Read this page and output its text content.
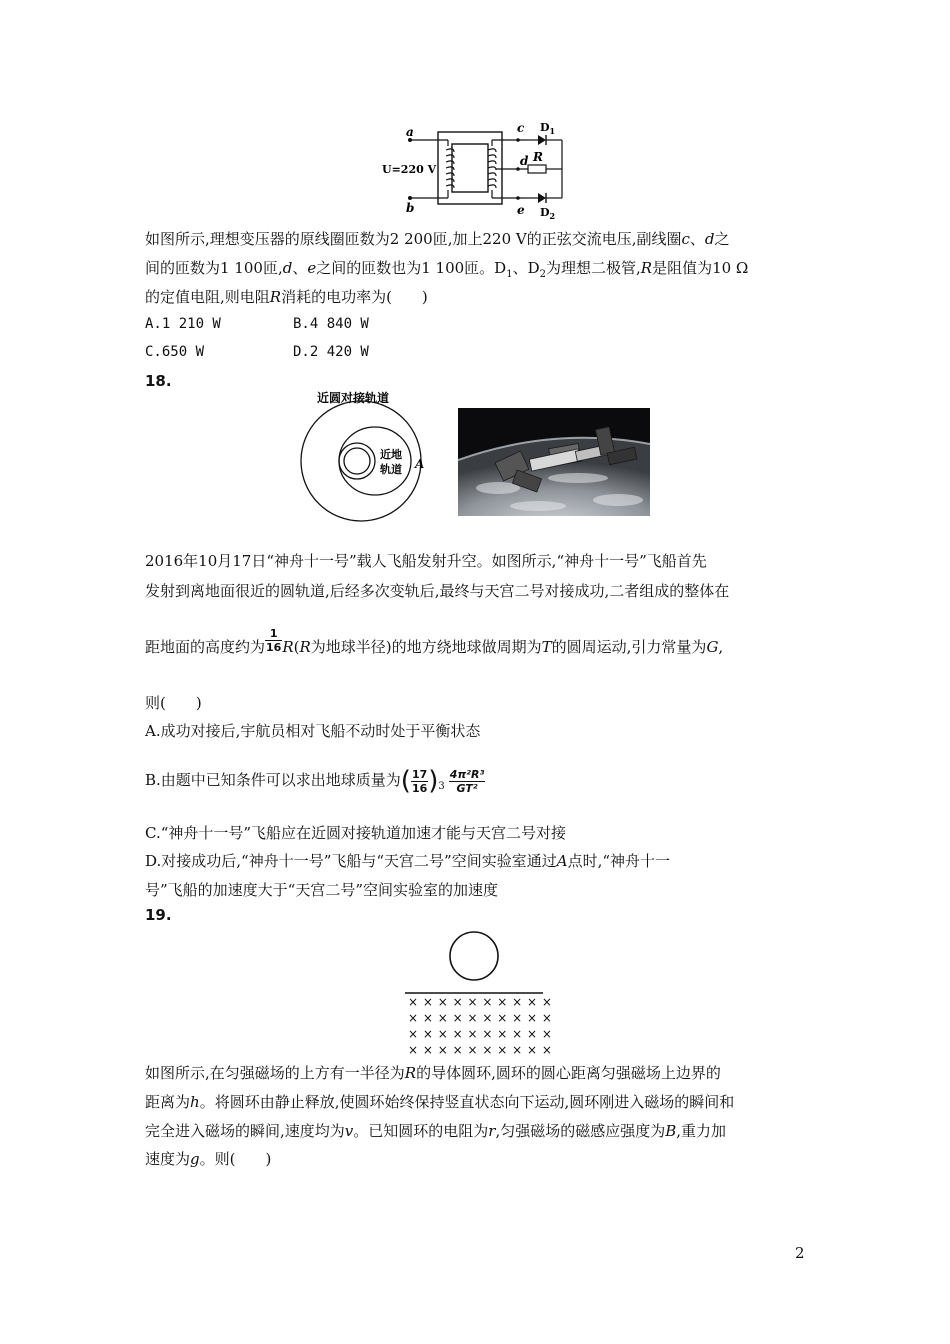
a
b
U=220 V
c
d
e
R
$D_1$
$D_2$
如图所示,理想变压器的原线圈匝数为2 200匝,加上220 V的正弦交流电压,副线圈c、d之
间的匝数为1 100匝,d、e之间的匝数也为1 100匝。$D_1$、$D_2$为理想二极管,R是阻值为10 Ω
的定值电阻,则电阻R消耗的电功率为(　　)
A.1 210 W	B.4 840 W
C.650 W	D.2 420 W
18.
近圆对接轨道
近地
轨道 A
2016年10月17日“神舟十一号”载人飞船发射升空。如图所示,“神舟十一号”飞船首先
发射到离地面很近的圆轨道,后经多次变轨后,最终与天宫二号对接成功,二者组成的整体在
距地面的高度约为 $\frac{1}{16} R(R$为地球半径)的地方绕地球做周期为T的圆周运动,引力常量为G,
则(　　)
A.成功对接后,宇航员相对飞船不动时处于平衡状态
B.由题中已知条件可以求出地球质量为( $\frac{17}{16} )_3 \frac{\text{4π²R³}}{\text{GT²}}$
C.“神舟十一号”飞船应在近圆对接轨道加速才能与天宫二号对接
D.对接成功后,“神舟十一号”飞船与“天宫二号”空间实验室通过A点时,“神舟十一
号”飞船的加速度大于“天宫二号”空间实验室的加速度
19.
× × × × × × × × × ×
× × × × × × × × × ×
× × × × × × × × × ×
× × × × × × × × × ×
如图所示,在匀强磁场的上方有一半径为R的导体圆环,圆环的圆心距离匀强磁场上边界的
距离为h。将圆环由静止释放,使圆环始终保持竖直状态向下运动,圆环刚进入磁场的瞬间和
完全进入磁场的瞬间,速度均为v。已知圆环的电阻为r,匀强磁场的磁感应强度为B,重力加
速度为g。则(　　)
2
